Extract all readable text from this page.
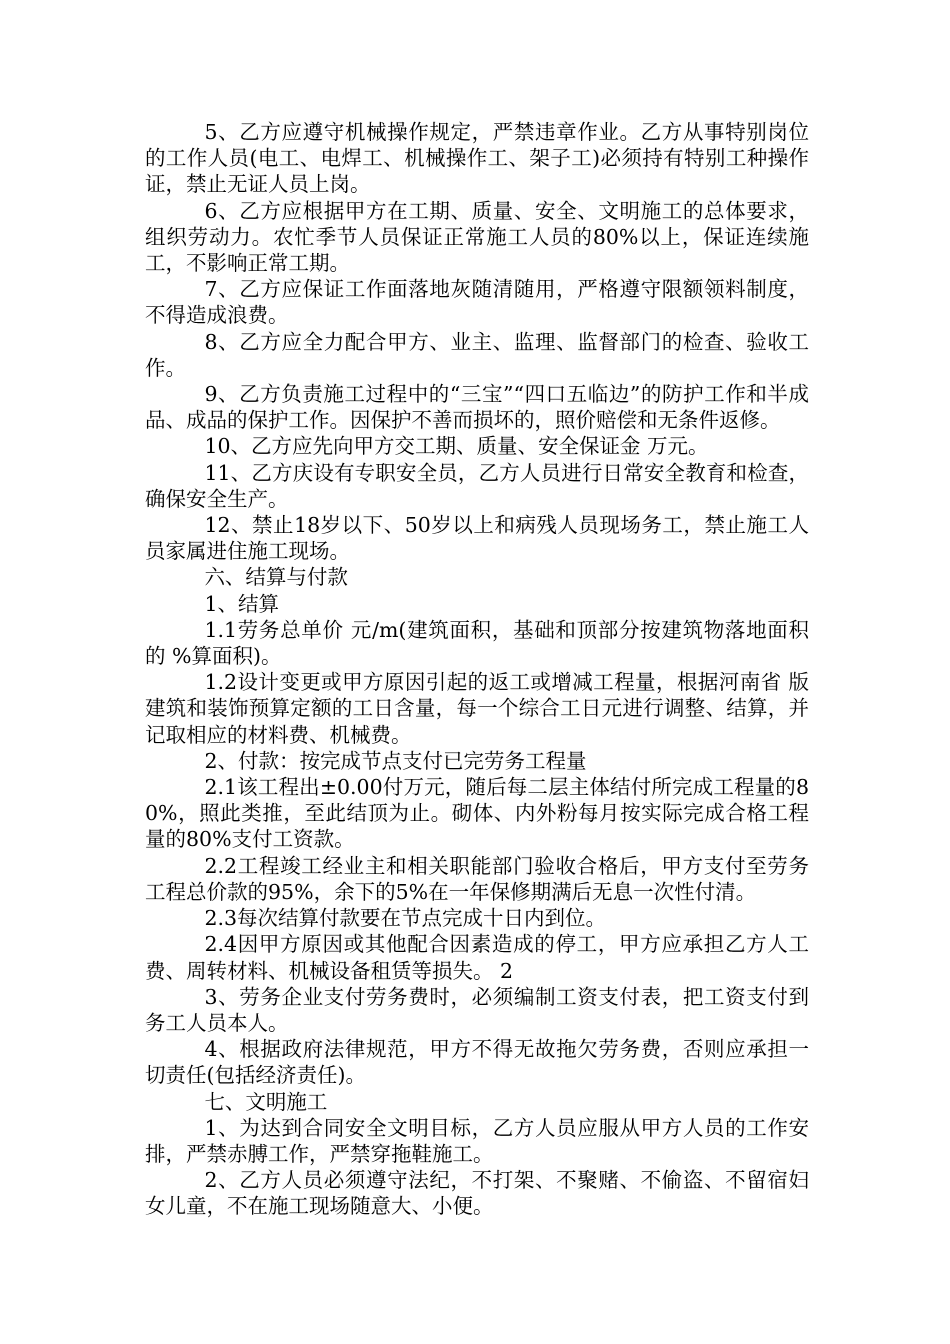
5、乙方应遵守机械操作规定，严禁违章作业。乙方从事特别岗位的工作人员(电工、电焊工、机械操作工、架子工)必须持有特别工种操作证，禁止无证人员上岗。

6、乙方应根据甲方在工期、质量、安全、文明施工的总体要求，组织劳动力。农忙季节人员保证正常施工人员的80%以上，保证连续施工，不影响正常工期。

7、乙方应保证工作面落地灰随清随用，严格遵守限额领料制度，不得造成浪费。

8、乙方应全力配合甲方、业主、监理、监督部门的检查、验收工作。

9、乙方负责施工过程中的“三宝”“四口五临边”的防护工作和半成品、成品的保护工作。因保护不善而损坏的，照价赔偿和无条件返修。

10、乙方应先向甲方交工期、质量、安全保证金 万元。

11、乙方庆设有专职安全员，乙方人员进行日常安全教育和检查，确保安全生产。

12、禁止18岁以下、50岁以上和病残人员现场务工，禁止施工人员家属进住施工现场。

六、结算与付款

1、结算

1.1劳务总单价 元/m(建筑面积，基础和顶部分按建筑物落地面积的 %算面积)。

1.2设计变更或甲方原因引起的返工或增减工程量，根据河南省 版建筑和装饰预算定额的工日含量，每一个综合工日元进行调整、结算，并记取相应的材料费、机械费。

2、付款：按完成节点支付已完劳务工程量

2.1该工程出±0.00付万元，随后每二层主体结付所完成工程量的80%，照此类推，至此结顶为止。砌体、内外粉每月按实际完成合格工程量的80%支付工资款。

2.2工程竣工经业主和相关职能部门验收合格后，甲方支付至劳务工程总价款的95%，余下的5%在一年保修期满后无息一次性付清。

2.3每次结算付款要在节点完成十日内到位。

2.4因甲方原因或其他配合因素造成的停工，甲方应承担乙方人工费、周转材料、机械设备租赁等损失。 2

3、劳务企业支付劳务费时，必须编制工资支付表，把工资支付到务工人员本人。

4、根据政府法律规范，甲方不得无故拖欠劳务费，否则应承担一切责任(包括经济责任)。

七、文明施工

1、为达到合同安全文明目标，乙方人员应服从甲方人员的工作安排，严禁赤膊工作，严禁穿拖鞋施工。

2、乙方人员必须遵守法纪，不打架、不聚赌、不偷盗、不留宿妇女儿童，不在施工现场随意大、小便。
